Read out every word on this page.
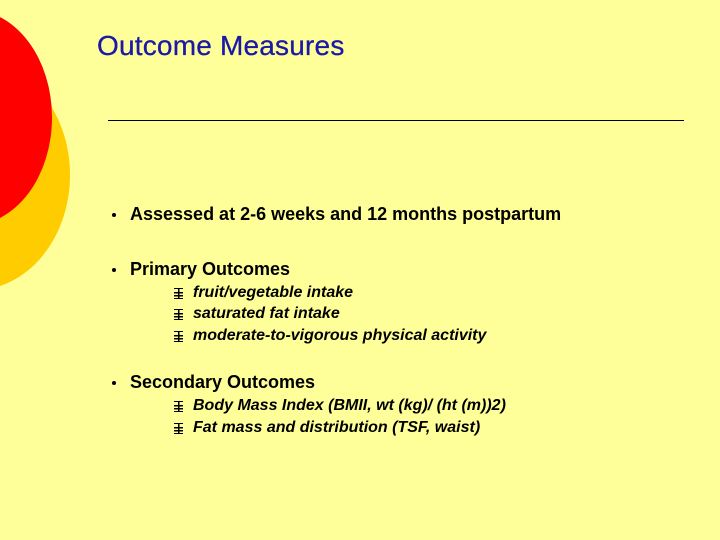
Outcome Measures
Assessed at 2-6 weeks and 12 months postpartum
Primary Outcomes
fruit/vegetable intake
saturated fat intake
moderate-to-vigorous physical activity
Secondary Outcomes
Body Mass Index (BMII, wt (kg)/ (ht (m))2)
Fat mass and distribution (TSF, waist)
